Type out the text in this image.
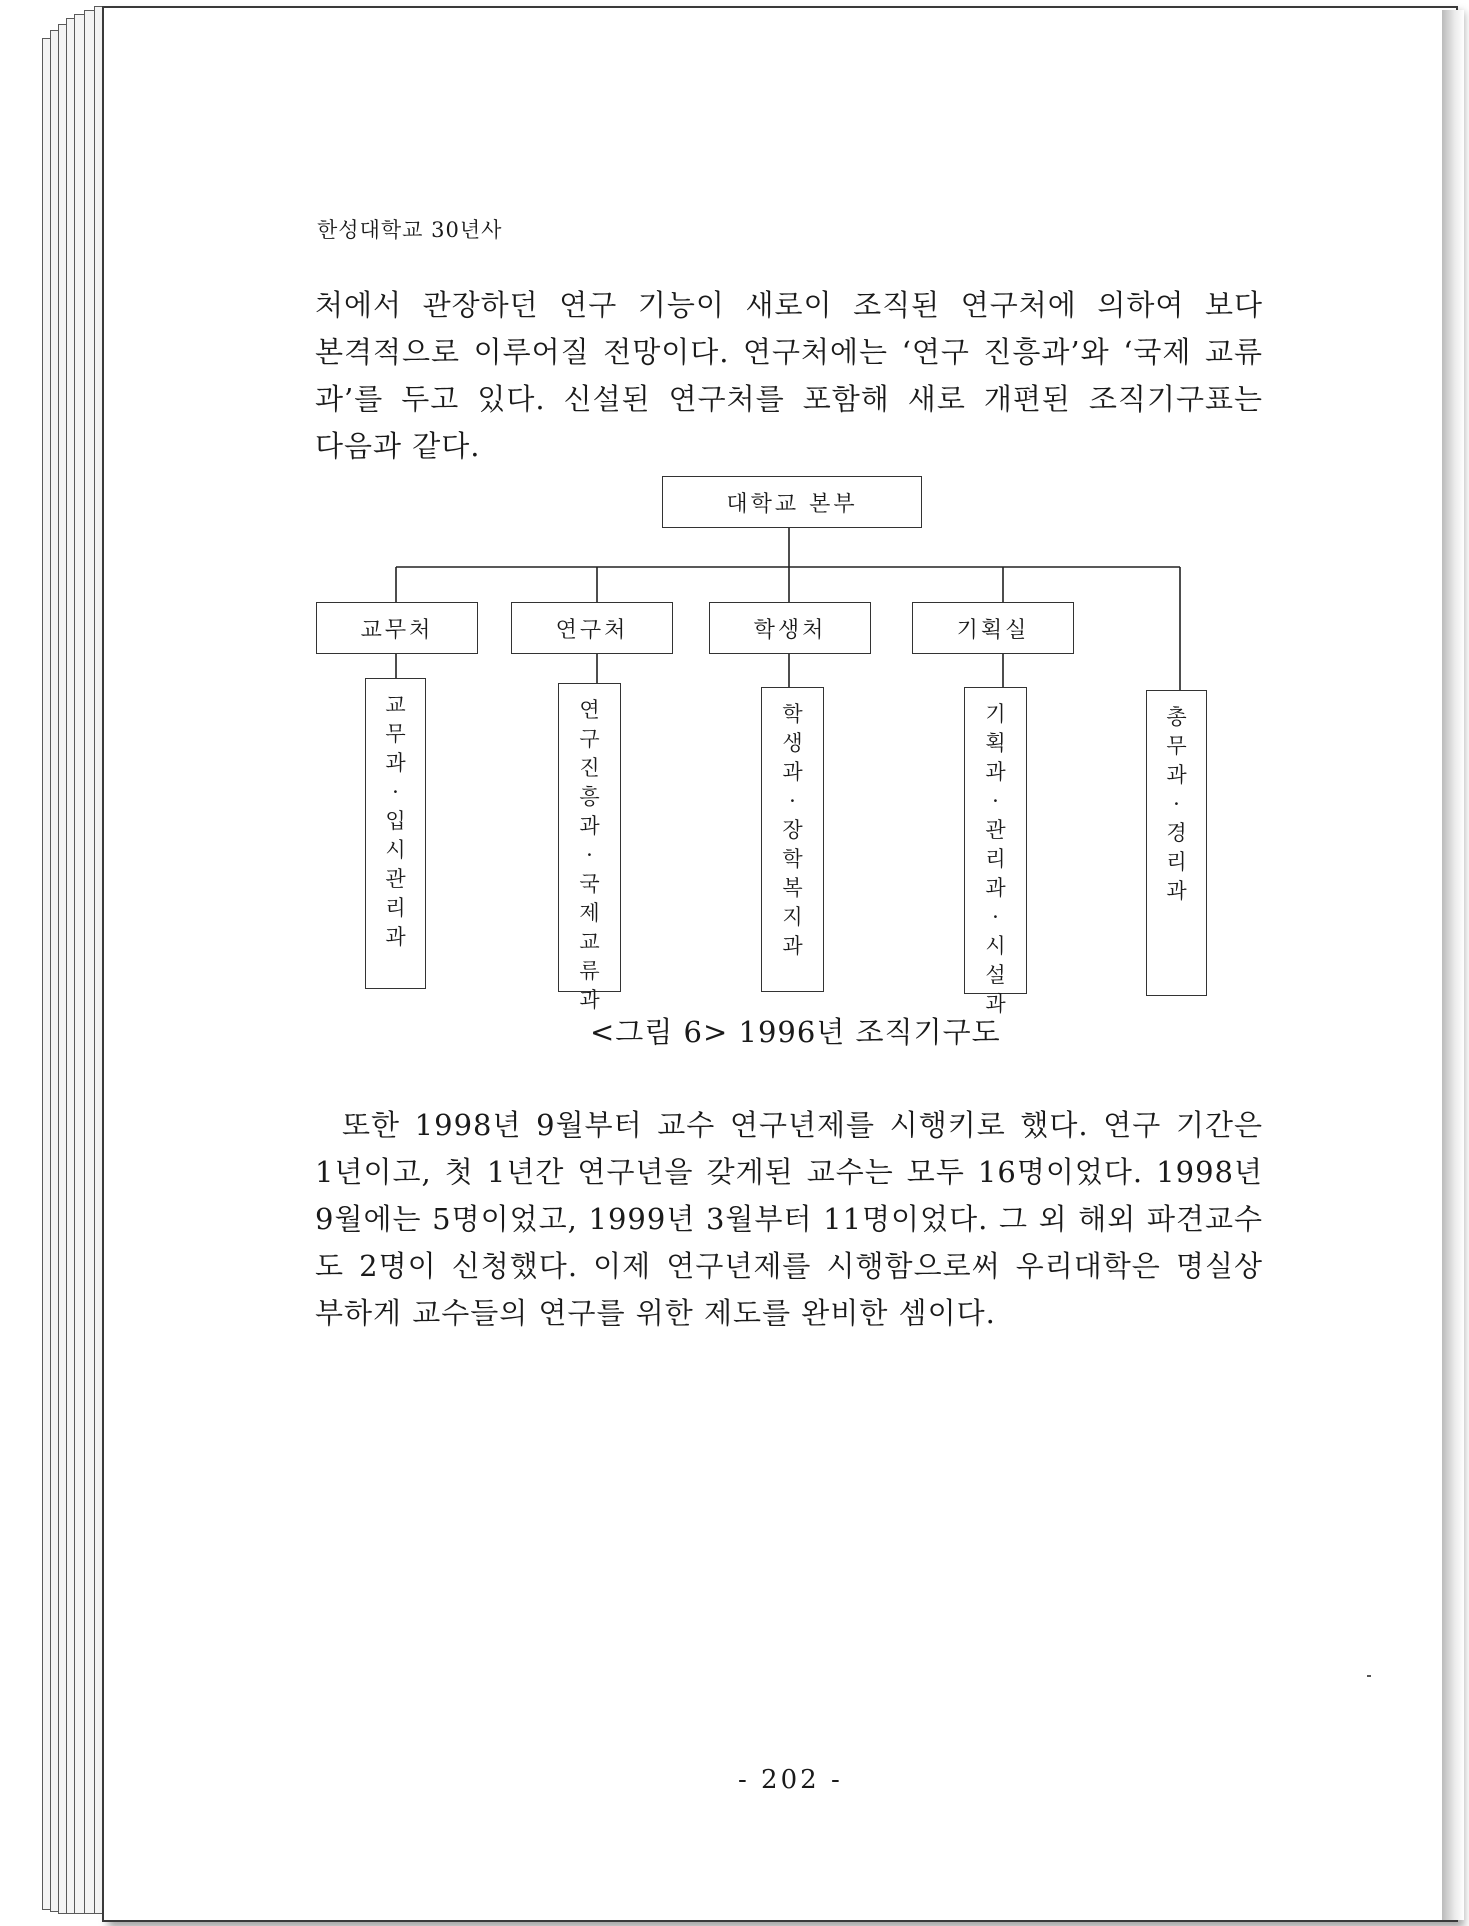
한성대학교 30년사

처에서 관장하던 연구 기능이 새로이 조직된 연구처에 의하여 보다
본격적으로 이루어질 전망이다. 연구처에는 ‘연구 진흥과’와 ‘국제 교류
과’를 두고 있다. 신설된 연구처를 포함해 새로 개편된 조직기구표는
다음과 같다.

대학교 본부
교무처	연구처	학생처	기획실
교무과·입시관리과
연구진흥과·국제교류과
학생과·장학복지과
기획과·관리과·시설과
총무과·경리과

<그림 6> 1996년 조직기구도

또한 1998년 9월부터 교수 연구년제를 시행키로 했다. 연구 기간은
1년이고, 첫 1년간 연구년을 갖게된 교수는 모두 16명이었다. 1998년
9월에는 5명이었고, 1999년 3월부터 11명이었다. 그 외 해외 파견교수
도 2명이 신청했다. 이제 연구년제를 시행함으로써 우리대학은 명실상
부하게 교수들의 연구를 위한 제도를 완비한 셈이다.

- 202 -
